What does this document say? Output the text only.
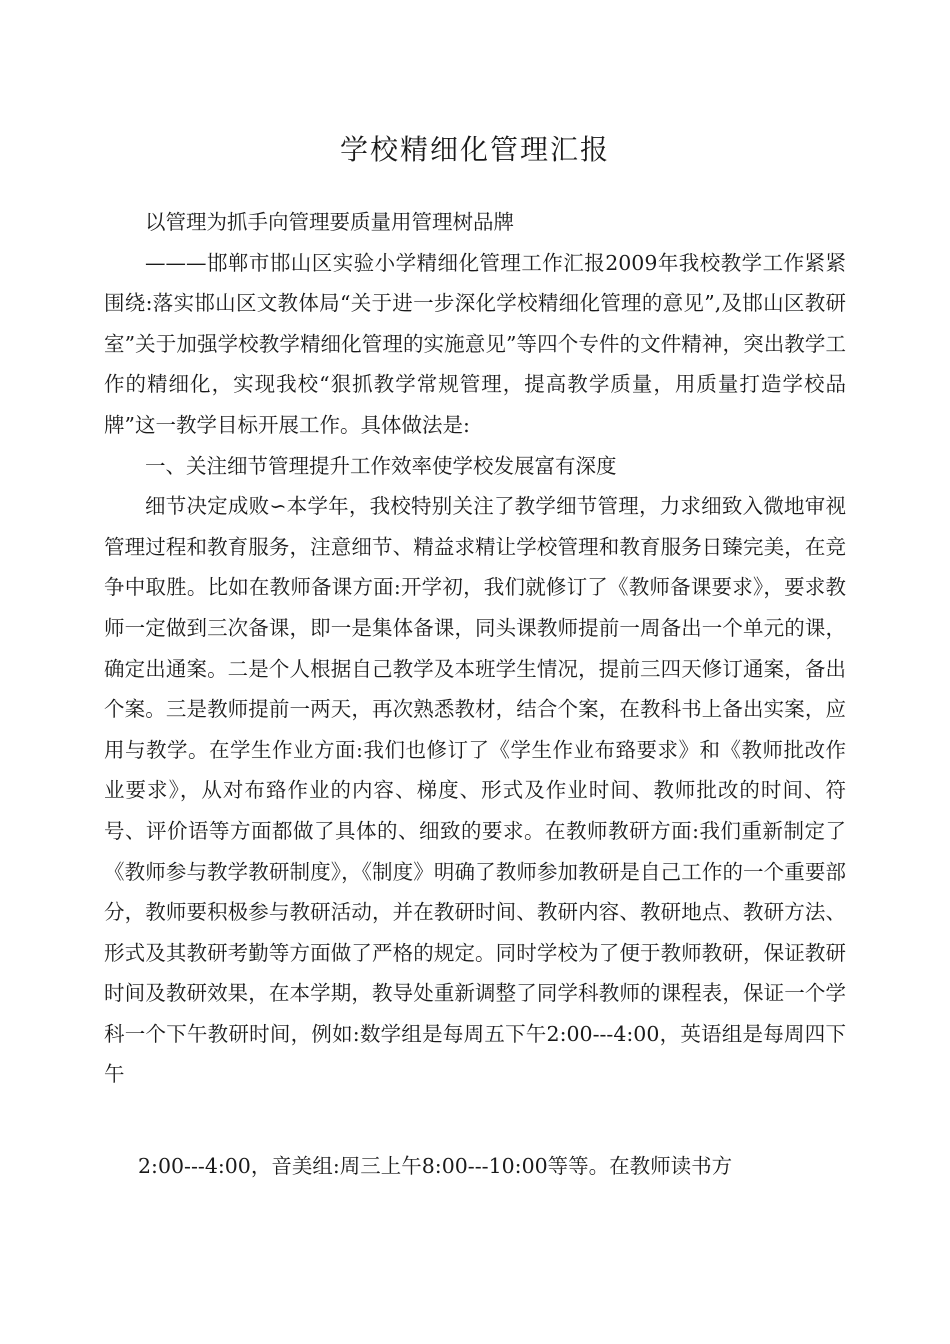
学校精细化管理汇报

以管理为抓手向管理要质量用管理树品牌

———邯郸市邯山区实验小学精细化管理工作汇报2009年我校教学工作紧紧围绕:落实邯山区文教体局“关于进一步深化学校精细化管理的意见”,及邯山区教研室”关于加强学校教学精细化管理的实施意见”等四个专件的文件精神，突出教学工作的精细化，实现我校“狠抓教学常规管理，提高教学质量，用质量打造学校品牌”这一教学目标开展工作。具体做法是:

一、关注细节管理提升工作效率使学校发展富有深度

细节决定成败∽本学年，我校特别关注了教学细节管理，力求细致入微地审视管理过程和教育服务，注意细节、精益求精让学校管理和教育服务日臻完美，在竞争中取胜。比如在教师备课方面:开学初，我们就修订了《教师备课要求》，要求教师一定做到三次备课，即一是集体备课，同头课教师提前一周备出一个单元的课，确定出通案。二是个人根据自己教学及本班学生情况，提前三四天修订通案，备出个案。三是教师提前一两天，再次熟悉教材，结合个案，在教科书上备出实案，应用与教学。在学生作业方面:我们也修订了《学生作业布臵要求》和《教师批改作业要求》，从对布臵作业的内容、梯度、形式及作业时间、教师批改的时间、符号、评价语等方面都做了具体的、细致的要求。在教师教研方面:我们重新制定了《教师参与教学教研制度》，《制度》明确了教师参加教研是自己工作的一个重要部分，教师要积极参与教研活动，并在教研时间、教研内容、教研地点、教研方法、形式及其教研考勤等方面做了严格的规定。同时学校为了便于教师教研，保证教研时间及教研效果，在本学期，教导处重新调整了同学科教师的课程表，保证一个学科一个下午教研时间，例如:数学组是每周五下午2:00---4:00，英语组是每周四下午

2:00---4:00，音美组:周三上午8:00---10:00等等。在教师读书方
